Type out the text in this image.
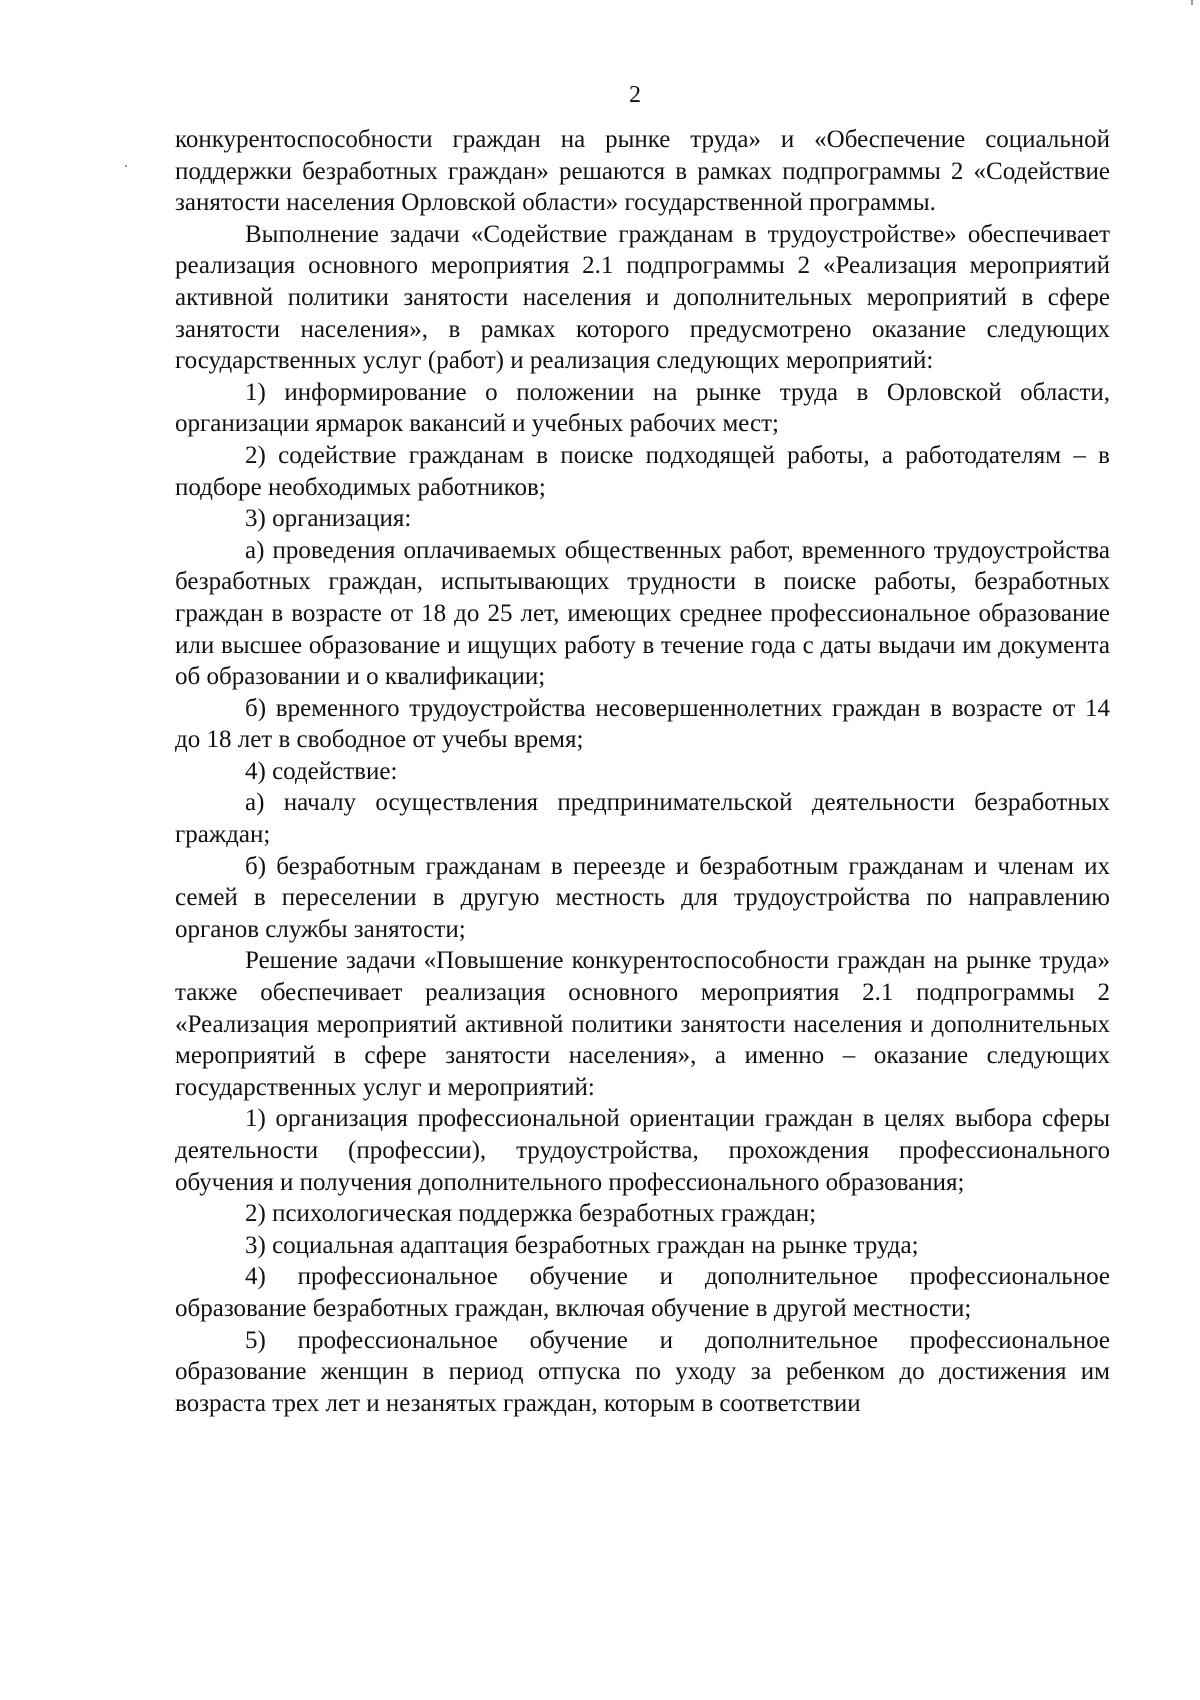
2

конкурентоспособности граждан на рынке труда» и «Обеспечение социальной поддержки безработных граждан» решаются в рамках подпрограммы 2 «Содействие занятости населения Орловской области» государственной программы.

Выполнение задачи «Содействие гражданам в трудоустройстве» обеспечивает реализация основного мероприятия 2.1 подпрограммы 2 «Реализация мероприятий активной политики занятости населения и дополнительных мероприятий в сфере занятости населения», в рамках которого предусмотрено оказание следующих государственных услуг (работ) и реализация следующих мероприятий:

1) информирование о положении на рынке труда в Орловской области, организации ярмарок вакансий и учебных рабочих мест;

2) содействие гражданам в поиске подходящей работы, а работодателям – в подборе необходимых работников;

3) организация:

а) проведения оплачиваемых общественных работ, временного трудоустройства безработных граждан, испытывающих трудности в поиске работы, безработных граждан в возрасте от 18 до 25 лет, имеющих среднее профессиональное образование или высшее образование и ищущих работу в течение года с даты выдачи им документа об образовании и о квалификации;

б) временного трудоустройства несовершеннолетних граждан в возрасте от 14 до 18 лет в свободное от учебы время;

4) содействие:

а) началу осуществления предпринимательской деятельности безработных граждан;

б) безработным гражданам в переезде и безработным гражданам и членам их семей в переселении в другую местность для трудоустройства по направлению органов службы занятости;

Решение задачи «Повышение конкурентоспособности граждан на рынке труда» также обеспечивает реализация основного мероприятия 2.1 подпрограммы 2 «Реализация мероприятий активной политики занятости населения и дополнительных мероприятий в сфере занятости населения», а именно – оказание следующих государственных услуг и мероприятий:

1) организация профессиональной ориентации граждан в целях выбора сферы деятельности (профессии), трудоустройства, прохождения профессионального обучения и получения дополнительного профессионального образования;

2) психологическая поддержка безработных граждан;

3) социальная адаптация безработных граждан на рынке труда;

4) профессиональное обучение и дополнительное профессиональное образование безработных граждан, включая обучение в другой местности;

5) профессиональное обучение и дополнительное профессиональное образование женщин в период отпуска по уходу за ребенком до достижения им возраста трех лет и незанятых граждан, которым в соответствии
